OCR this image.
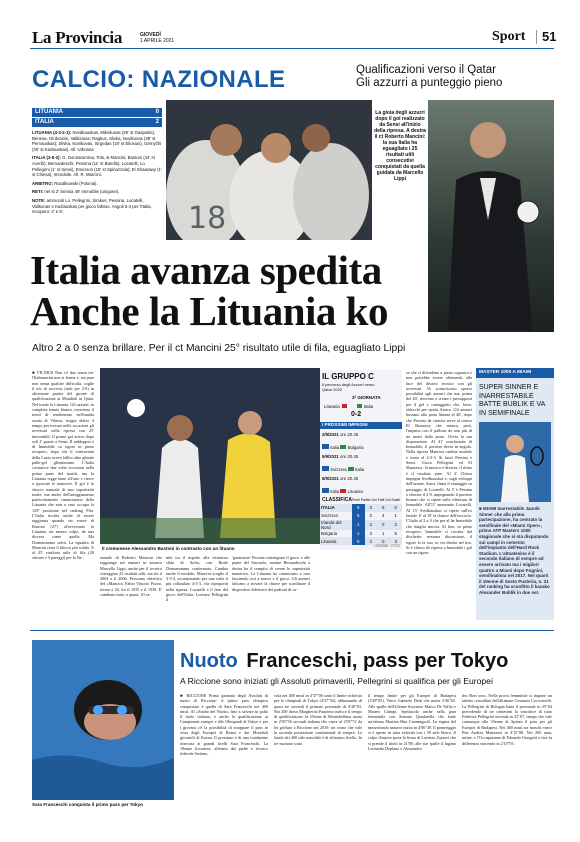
La Provincia	GIOVEDÌ
1 APRILE 2021	Sport 51
CALCIO: NAZIONALE	Qualificazioni verso il Qatar
Gli azzurri a punteggio pieno
LITUANIA	0
ITALIA	2

LITUANIA (4-3-2-1): Svedkauskas, Mikoliunas (29' st Gaspuitis), Benesa, Girdvainis, Valikionas; Ragkus, Slivka, Novikovas (38' st Pernauskas); Slivka, Novikovas, Sirgedas (18' st Eliosius), Gernyčhi (30' st Kazlauskas). All. Urbonas

ITALIA (3-5-2): G. Donnarumma, Tolo, & Mancini, Bastoni (44' st Acerbi); Bernardeschi, Pessina (11' st Barella), Locatelli, Lo Pellegrini (1' st Sensi), Emerson (18' st Spinazzola); El Shaarawy (1' st Chiesa), Immobile. All. R. Mancini.

ARBITRO: Racalkowski (Polonia).

RETI: nel st 2' Sensia 49' Immobile (unigone).

NOTE: ammoniti Lo. Pellegrini, Simkus, Pessina, Locatelli, Valikunas e Kazlauskas per gioco falloso. Angoli 5-4 per l'Italia, recupero: 2' e 5'.	18
La gioia degli azzurri dopo il gol realizzato da Sensi all'inizio della ripresa. A destra il ct Roberto Mancini: la sua Italia ha eguagliato i 25 risultati utili consecutivi conquistati da quella guidata da Marcello Lippi
Italia avanza spedita
Anche la Lituania ko
Altro 2 a 0 senza brillare. Per il ct Mancini 25° risultato utile di fila, eguagliato Lippi
■ VILNIUS Non c'è due senza tre: l'Italmancini non si ferma e, sia pure non senza qualche difficoltà, coglie il tris di successi (tutti per 2-0) in altrettante partite del girone di qualificazione ai Mondiali in Qatar. Nel tondo la Lituania. Gli azzurri, in completa tenuta bianca, inverteno il trend di rendimento nell'umida serata di Vilnius, troppo dietro il tempo per trovare nelle occasioni gli avversari nella ripresa con 25' inesorabili. Il primo gol arriva dopo soli 2' grazie a Sensi. Il raddoppio è di Immobile su rigore in pieno recupero, dopo che il centravanti della Lazio aveva fallito altre ghiotte palle-gol glientissime. L'Italia costruisce due volte occasioni nella prima parte del match, ma la Lituania regge bene all'urto e riesce a sporcare le manovre. Il gol è lo sbocco naturale di uno superiorità totale, ma anche dell'atteggiamento particolarmente rinunciatario della Lituania che non a caso occupa la 129ª posizione nel ranking Fifa. L'Italia rischia anche di essere raggiunta quando un errore di Bastoni (27') al'avversario la Lituania, un mezzo colpo, da una discesa come quella. Ma Donnarumma salva. La squadra di Mancini resta il blocco più solido. E al 25' risultato utile di fila (20 vittorie e 5 pareggi) per la Na-
Il cremonese Alessandro Bastoni in contrasto con un lituano
zionale di Roberto Mancini che raggiunge nei numeri in azzurro Marcello Lippi, anche per il tecnico viareggino 25 risultati utili, ma fra il 2004 e il 2006. Prossimo obiettivo del «Mancio» Fabio Vittorio Pozzo, ferma a 30, fra il 1935 e il 1939. E' cambiato tutto, o quasi: 10 ca-
mbi tra il rispetto alla vittoriosa sfida di Sofia, con Reale Donnarumma confermato. Cambia anche il modulo: Mancini sceglie il 3-5-2, accantonando per una volta il più collaudato 4-3-3, che riproporrà nella ripresa. Locatelli e il faro del gioco dell'Italia, Lorenzo Pellegrini il
'guastatore' Pessina sostengono il gioco e alle punte del Sassuolo, mentre Bernardeschi a destra ha il compito di creare lo superiorità numerica. La Lituania ha cominciato a rara lasciando così a nuovo e il gioco. Gli azzurri faticano a trovare la chiave per scardinare il dispositivo difensivo dei padroni di ca-
IL GRUPPO C
Il percorso degli Azzurri verso Qatar 2022
3ª GIORNATA
Lituania	Italia
0-2
I PROSSIMI IMPEGNI
2/9/2021 ore 20.45
Italia Bulgaria
5/9/2021 ore 20.45
Svizzera Italia
8/9/2021 ore 20.45
Italia Lituania
CLASSIFICA Punti Partite Gol Fatti Gol Subiti
ITALIA	9	3	6	0
Svizzera	6	2	4	1
Irlanda del Nord	1	2	0	2
Bulgaria	1	3	1	5
Lituania	0	2	0	3
L'ORDINE - FOTO
sa che si difendono a pieno organico e non potrebbe essere altrimenti, alla luce del divario tecnico con gli avversari. Ve scaturiscono spesso possibilità agli azzurri che ma, prima del 40', riescono a creare i presupposti per il gol e contaggiato che, forse, sblocchi per strada Amico. Gli azzurri bussano alla porta lituana al 40', dopo che Pessina da sinistra serve al centro El Shaarawy che manca, però, l'impatto con il pallone da non più di tre metri dalla porta. Ovvia la sua disperazione. Al 41' conclusione di Immobile, il portiere devia in angolo. Nella ripresa Mancini cambia modulo e torna al 4-3-3. Si fuori Pessina e Sensi. Gioca Pellegrini ed El Shaarawy: la musica è diversa, il ritmo è il risultato pure. Al 2' Chiesa impegna Svedkauskas e, sugli sviluppi dell'azione, Sensi, firma il vantaggio su passaggio di Locatelli. Al 5' è Pessina a sfiorare il 2-0, impegnando il portiere lituano che si ripete sulla rifinitura di Immobile. All'11' ammonito Locatelli. Al 15' Svedkauskas si ripete sull'ex laziale. E al 19' la chance dell'incrocio. L'Italia al 2 a 0 che per al ha Immobile che sbaglia ancora. Al fine, in pieno recupero, Immobile si riscatta dal dischetto: nessuna discussione, il rigore lo fa suo, in via diretta nel tiro. Si è chiuso da ripresa a Immobile i gol con un rigore.
MASTER 1000 A MIAMI
SUPER SINNER E INARRESTABILE BATTE BUBLIK E VA IN SEMIFINALE
■ MIAMI Inarrestabile Jannik Sinner che alla prima partecipazione, ha centrato la semifinale del «Miami Open», primo ATP Masters 1000 stagionale che si sta disputando sui campi in cemento dell'impianto dell'Hard Rock Stadium. L'altoatesino è il secondo italiano di sempre ad essere arrivato ma i migliori quattro a Miami dopo Fognini, semifinalista nel 2017. Nei quarti il 19enne di Sesto Pusteria, n. 31 del ranking ha sconfitto il kazako Alexander Bublik in due set.
Sara Franceschi conquista il primo pass per Tokyo
Nuoto Franceschi, pass per Tokyo
A Riccione sono iniziati gli Assoluti primaverili, Pellegrini si qualifica per gli Europei
■ RICCIONE Prima giornata degli Assoluti di nuoto di Riccione: il primo pass olimpico conquistato è quello di Sara Franceschi nei 400 misti. Al «Stadio del Nuoto» fino a salvare in pallo il titolo italiano, e anche la qualificazione ai Campionati europei e alle Olimpiadi di Tokyo e per i giovani c'è la possibilità di strappare il pass in vista degli Europei di Roma e dei Mondiali giovanili di Kazan. Il prossimo è di una totalmente ritrovata ai grandi livelli Sara Franceschi. La 19enne livornese, allenata dal padre e tecnico federale Stefano,
vola nei 400 misti in 4'37"06 sotto il limite richiesto per le olimpiadi di Tokyo (4'37"94), abbassando di quasi tre secondi il primato personale di 4'40"03. Nei 200 dorso Margherita Panziera trafisce il tempo di qualificazione: la 25enne di Montebelluna nuota in 2'05"56 secondi italiana che vince al 2'05"72 da lei griffato a Riccione nel 2019: un crono che vale la seconda prestazione continentale di sempre. La finale dei 400 stile maschile è di altissimo livello. In tre nuotano sotto
il tempo limite per gli Europei di Budapest (3'48"85). Vince Gabriele Detti che nuota 3'46"65. Alle spalle dell'23enne livornese Marco De Tullio e Matteo Ciampi. Spettacolo anche nella gara femminile con Simona Quadarella che batte un'ottima Martina Rita Caramignoli. La regina del mezzofondo azzurro nuota in 4'06"49. Il pomeriggio si è aperto in tutta velocità con i 50 stile libero. Il colpo d'autore porta la firma di Lorenzo Zazzeri che si prende il titolo in 21'89, alle sue spalle il lugano Leonardo Deplano e Alessandro
dro Bori orzo. Nella prova femminile si impone un talento cristallino dell'altimoto Costanza Cocconcelli. La Pellegrini di Bologna batte il personale in 25"04 precedendo di tre centesimi la vincitrice di tutto Federica Pellegrini seconda in 25"07, tempo che vale comunque alla 33enne di Spinea il pass per gli Europei di Budapest. Nei 400 misti tra maschi vince Pier Andrea Matteazzi in 4'15"80. Nei 200 rana, infine, e l'Occupazione di Edoardo Giorgetti a fare la differenza vincendo in 2'10"93.
